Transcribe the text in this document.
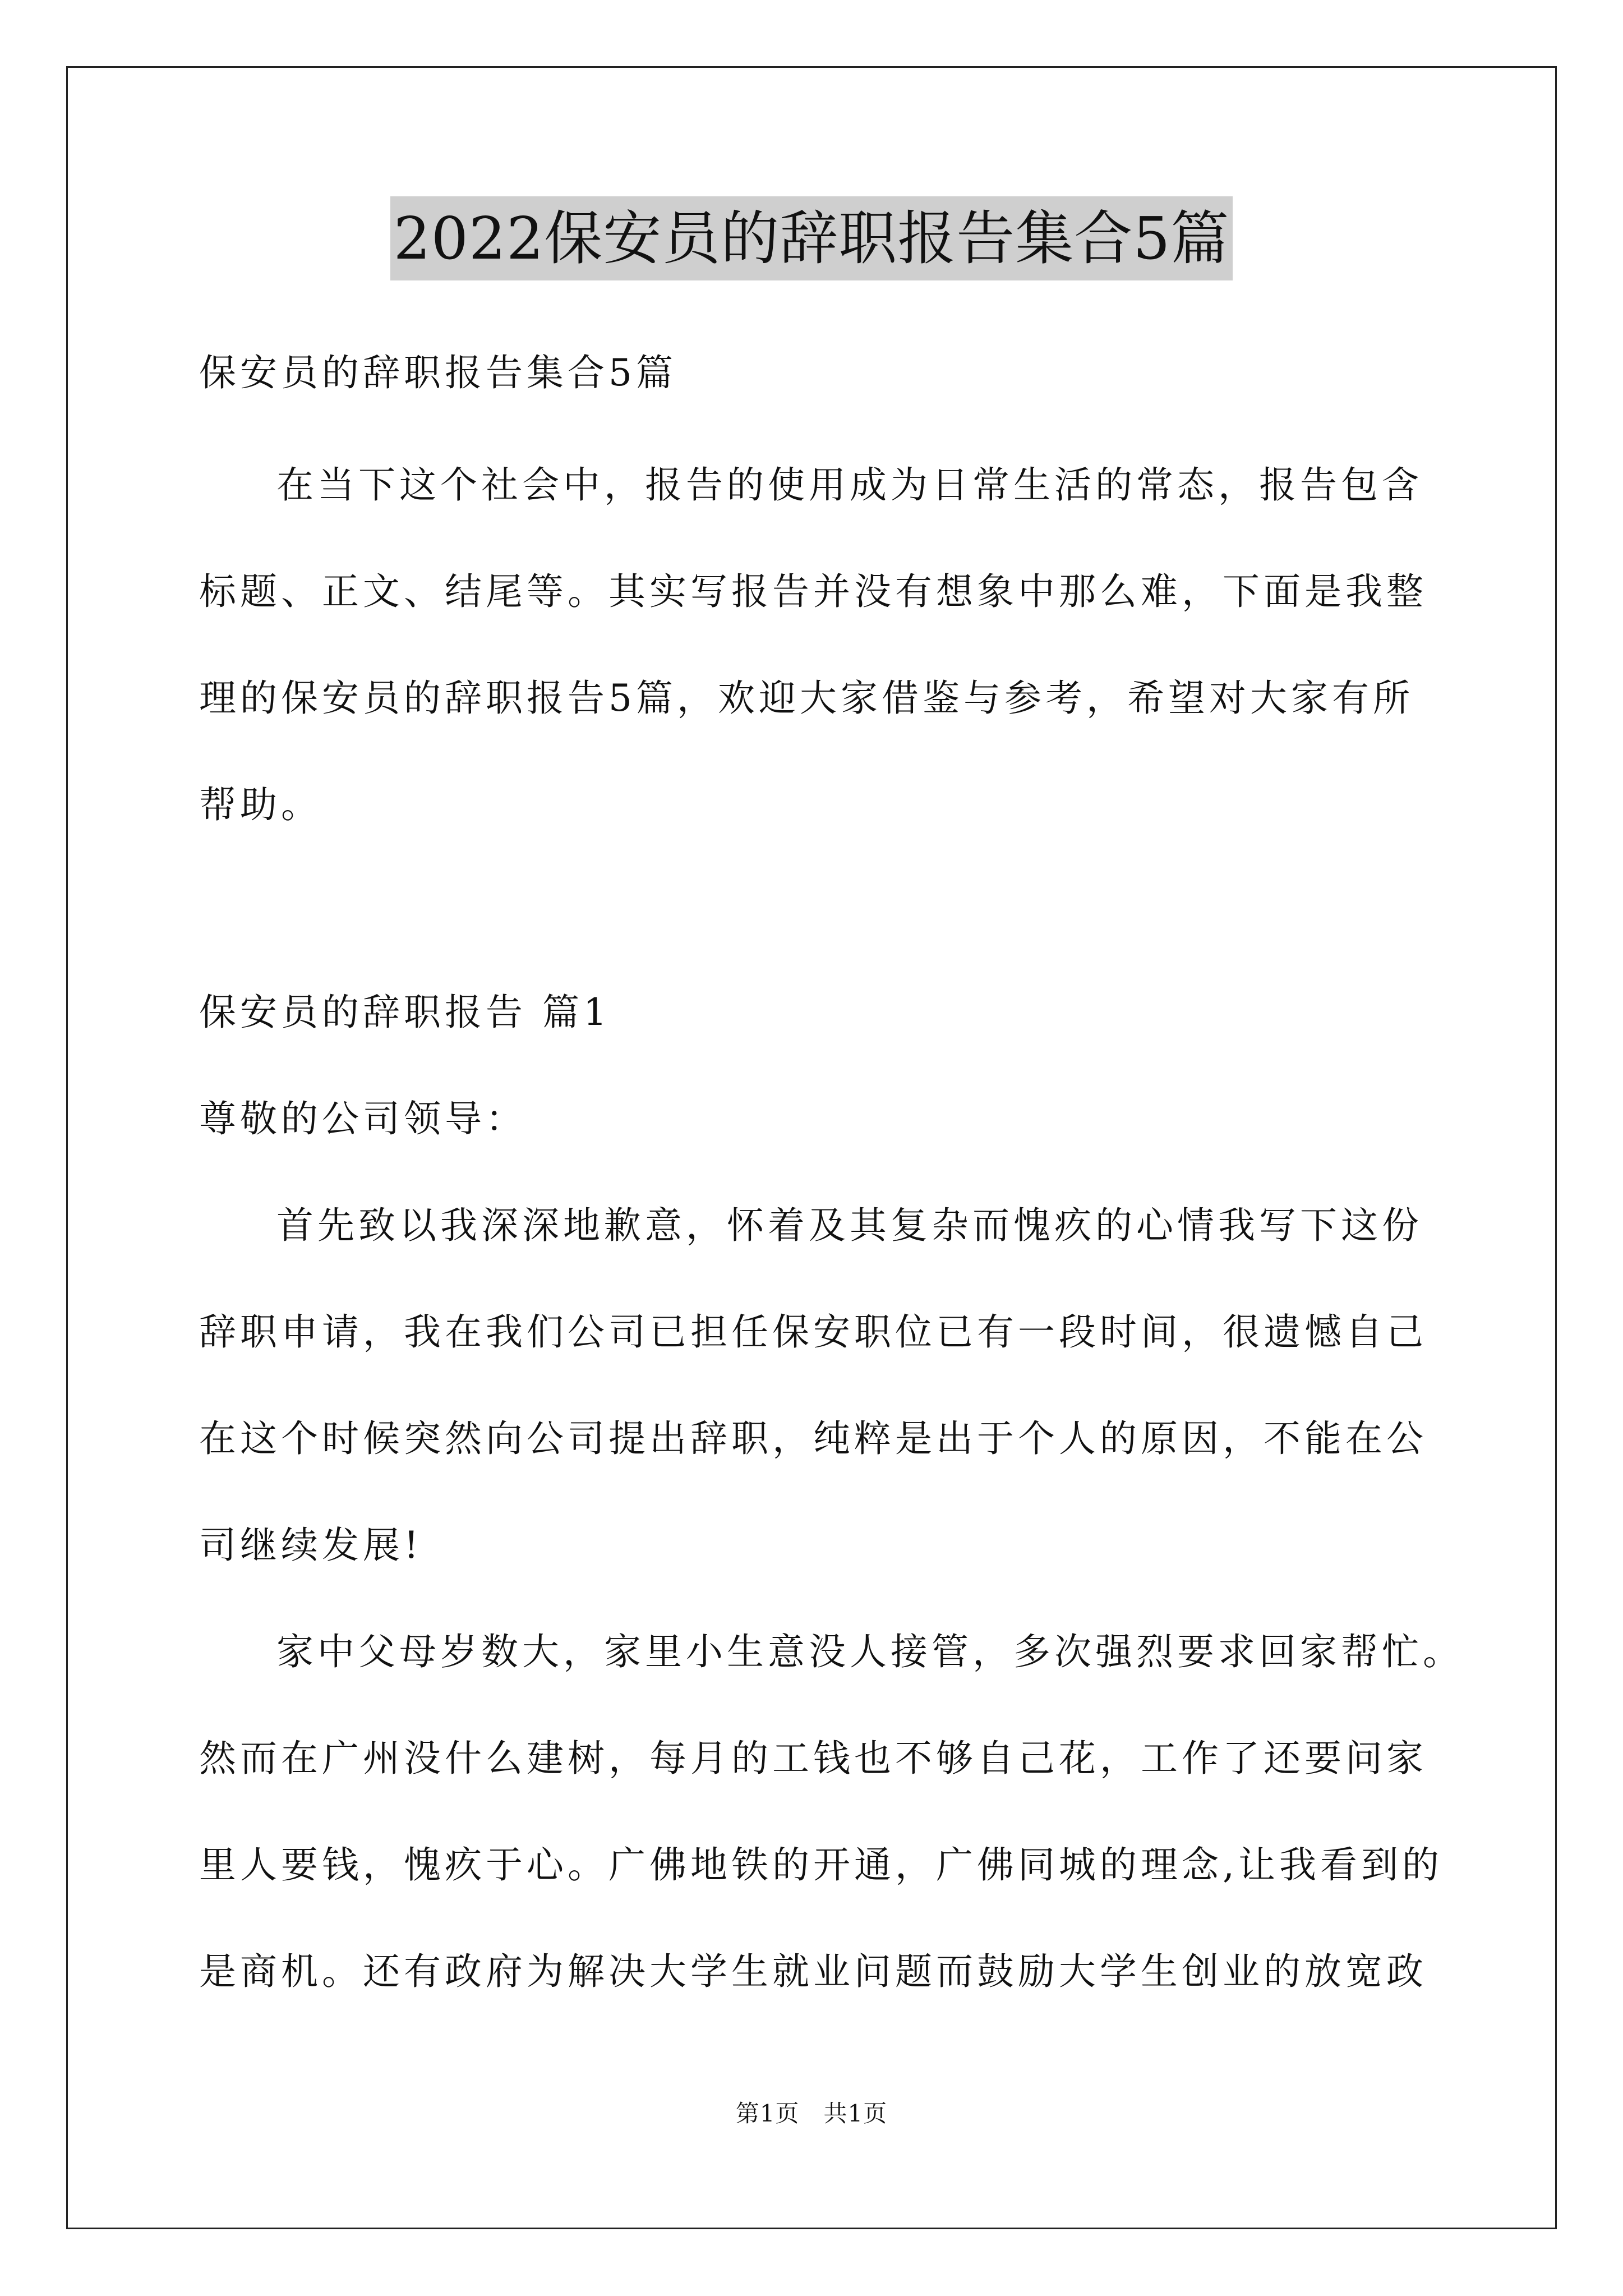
2022保安员的辞职报告集合5篇

保安员的辞职报告集合5篇

在当下这个社会中，报告的使用成为日常生活的常态，报告包含

标题、正文、结尾等。其实写报告并没有想象中那么难，下面是我整

理的保安员的辞职报告5篇，欢迎大家借鉴与参考，希望对大家有所

帮助。

保安员的辞职报告 篇1

尊敬的公司领导：

首先致以我深深地歉意，怀着及其复杂而愧疚的心情我写下这份

辞职申请，我在我们公司已担任保安职位已有一段时间，很遗憾自己

在这个时候突然向公司提出辞职，纯粹是出于个人的原因，不能在公

司继续发展!

家中父母岁数大，家里小生意没人接管，多次强烈要求回家帮忙。

然而在广州没什么建树，每月的工钱也不够自己花，工作了还要问家

里人要钱，愧疚于心。广佛地铁的开通，广佛同城的理念,让我看到的

是商机。还有政府为解决大学生就业问题而鼓励大学生创业的放宽政

第1页　共1页
